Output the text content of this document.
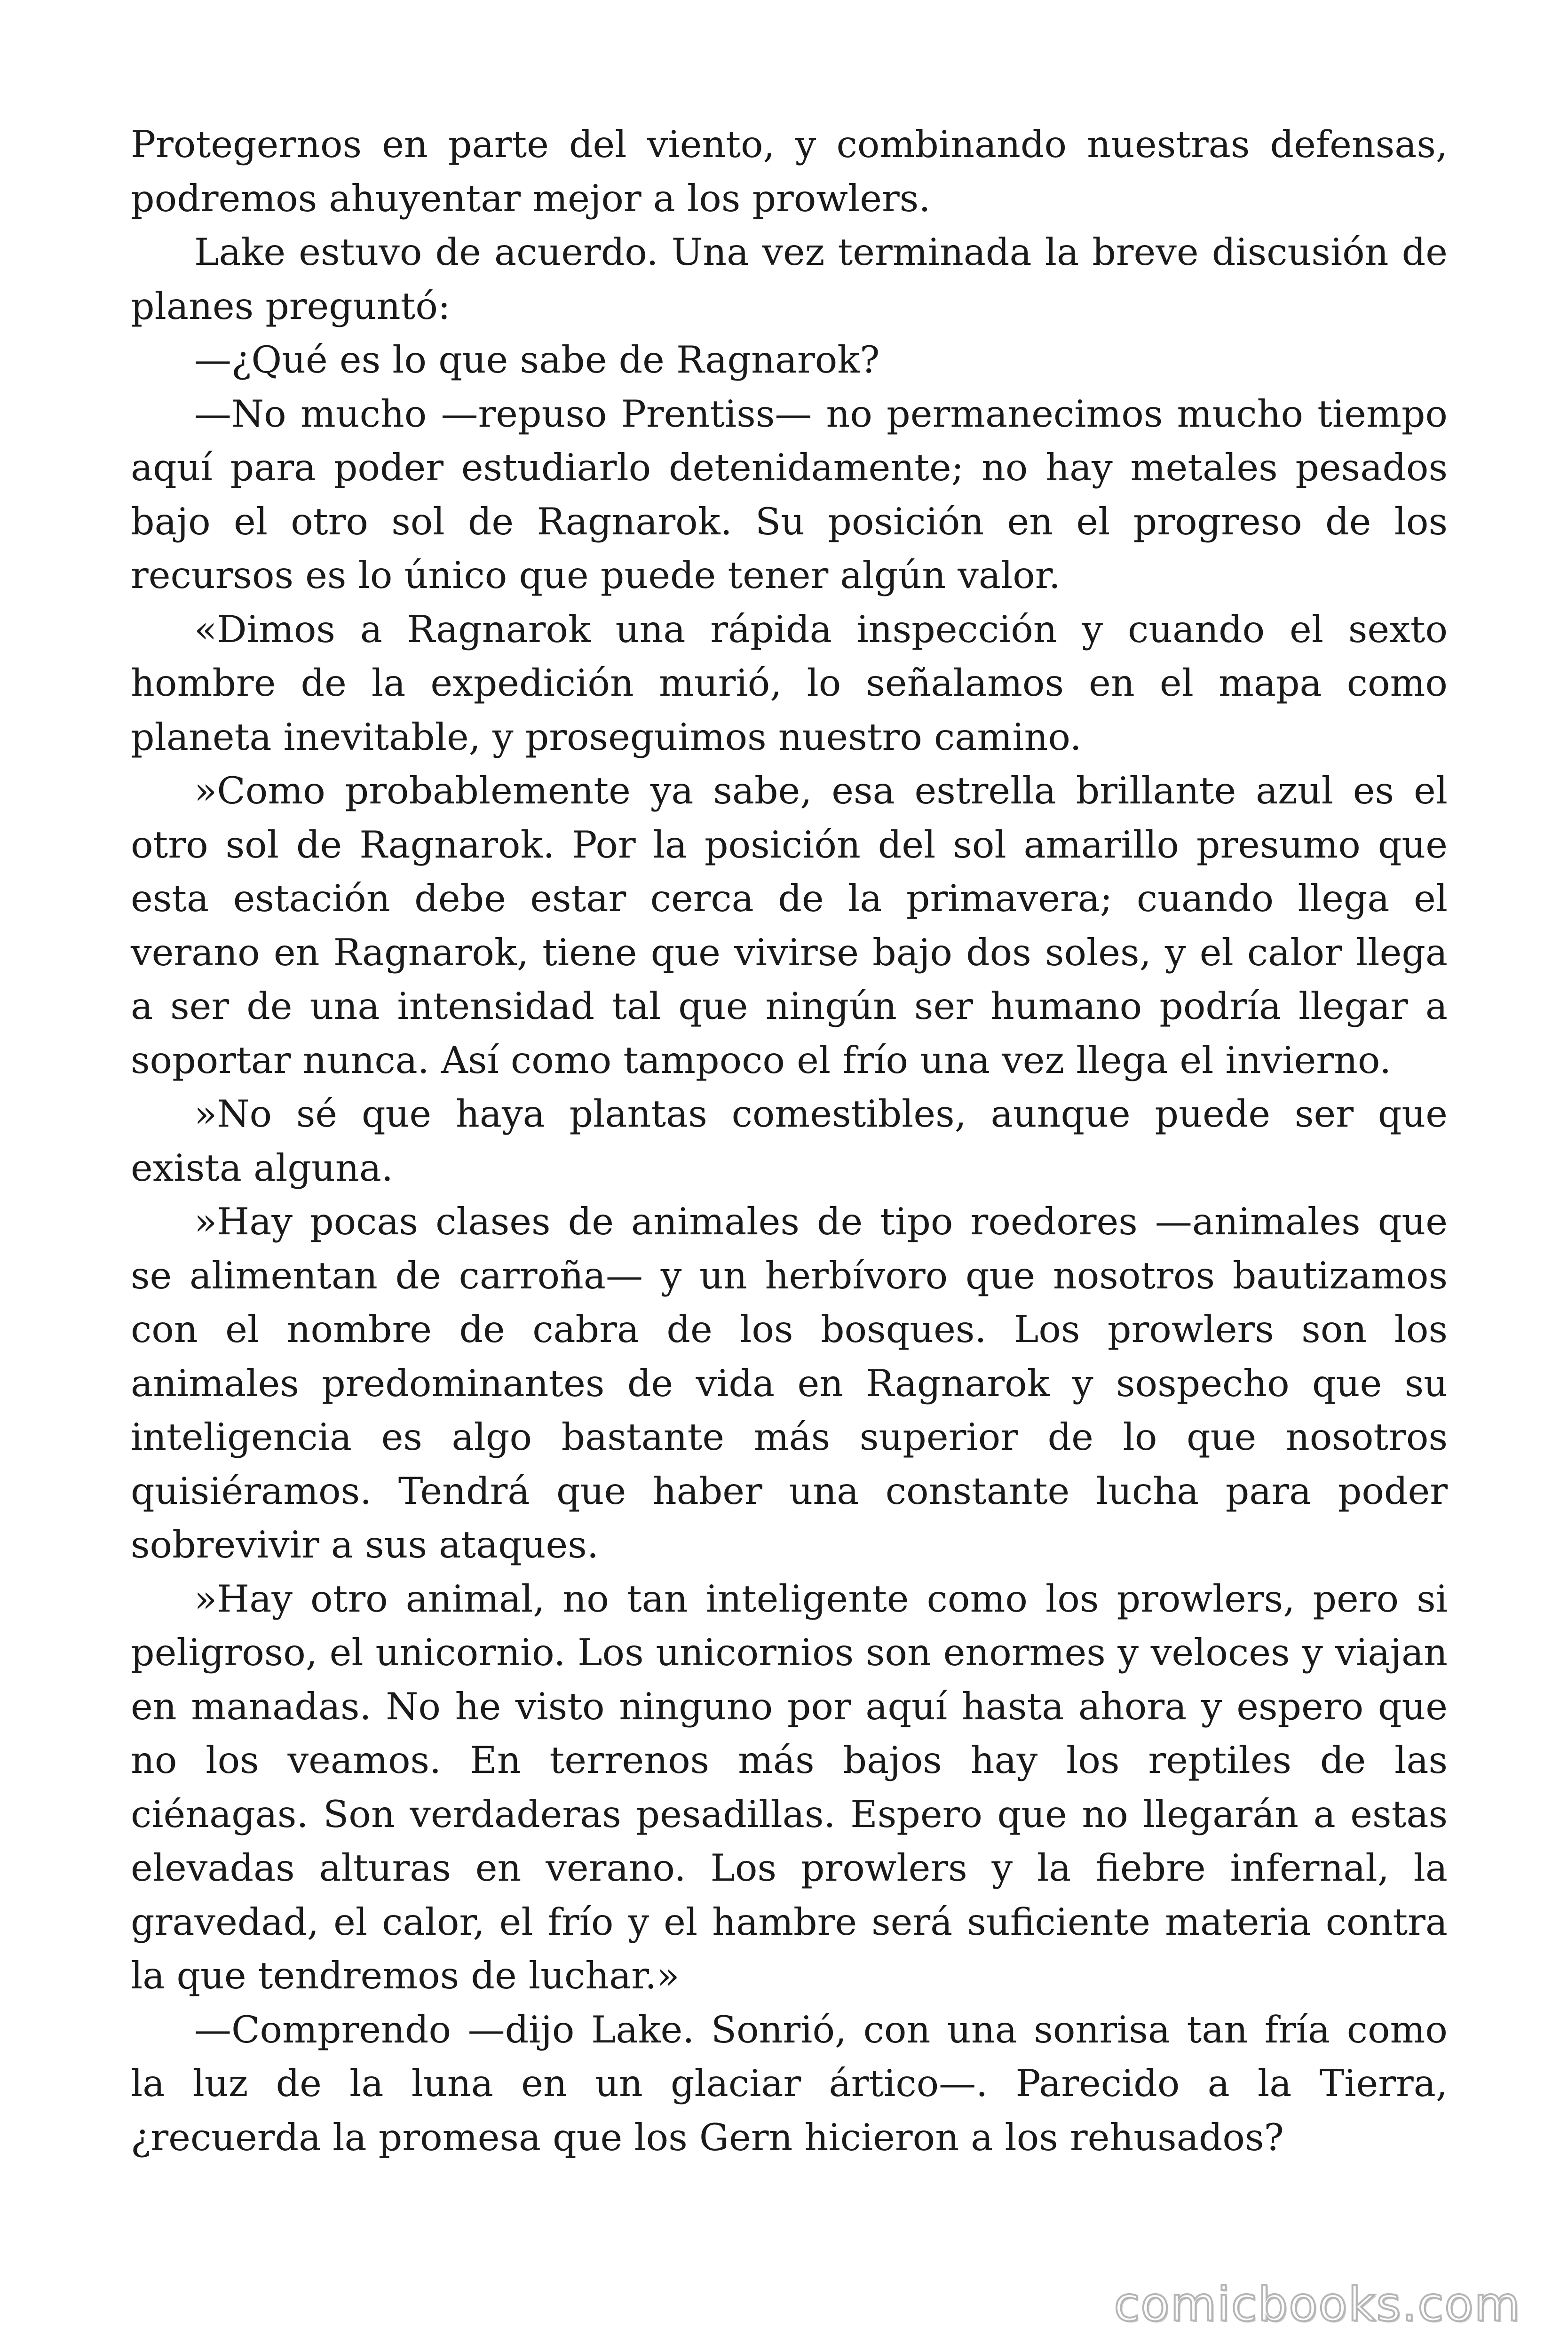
Protegernos en parte del viento, y combinando nuestras defensas, podremos ahuyentar mejor a los prowlers.

Lake estuvo de acuerdo. Una vez terminada la breve discusión de planes preguntó:

—¿Qué es lo que sabe de Ragnarok?

—No mucho —repuso Prentiss— no permanecimos mucho tiempo aquí para poder estudiarlo detenidamente; no hay metales pesados bajo el otro sol de Ragnarok. Su posición en el progreso de los recursos es lo único que puede tener algún valor.

«Dimos a Ragnarok una rápida inspección y cuando el sexto hombre de la expedición murió, lo señalamos en el mapa como planeta inevitable, y proseguimos nuestro camino.

»Como probablemente ya sabe, esa estrella brillante azul es el otro sol de Ragnarok. Por la posición del sol amarillo presumo que esta estación debe estar cerca de la primavera; cuando llega el verano en Ragnarok, tiene que vivirse bajo dos soles, y el calor llega a ser de una intensidad tal que ningún ser humano podría llegar a soportar nunca. Así como tampoco el frío una vez llega el invierno.

»No sé que haya plantas comestibles, aunque puede ser que exista alguna.

»Hay pocas clases de animales de tipo roedores —animales que se alimentan de carroña— y un herbívoro que nosotros bautizamos con el nombre de cabra de los bosques. Los prowlers son los animales predominantes de vida en Ragnarok y sospecho que su inteligencia es algo bastante más superior de lo que nosotros quisiéramos. Tendrá que haber una constante lucha para poder sobrevivir a sus ataques.

»Hay otro animal, no tan inteligente como los prowlers, pero si peligroso, el unicornio. Los unicornios son enormes y veloces y viajan en manadas. No he visto ninguno por aquí hasta ahora y espero que no los veamos. En terrenos más bajos hay los reptiles de las ciénagas. Son verdaderas pesadillas. Espero que no llegarán a estas elevadas alturas en verano. Los prowlers y la fiebre infernal, la gravedad, el calor, el frío y el hambre será suficiente materia contra la que tendremos de luchar.»

—Comprendo —dijo Lake. Sonrió, con una sonrisa tan fría como la luz de la luna en un glaciar ártico—. Parecido a la Tierra, ¿recuerda la promesa que los Gern hicieron a los rehusados?

comicbooks.com
